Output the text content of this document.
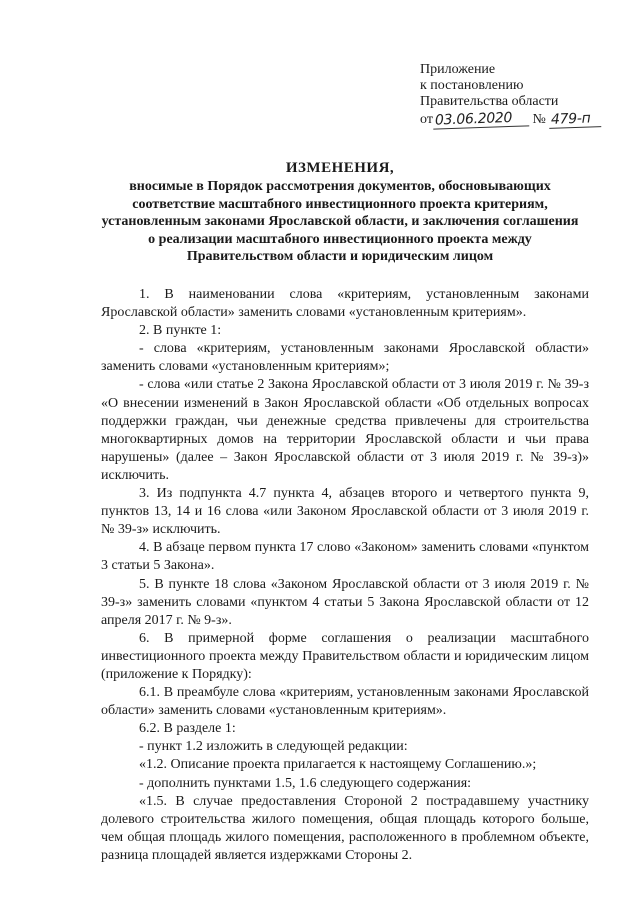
Приложение
к постановлению
Правительства области
от 03.06.2020 № 479-п
ИЗМЕНЕНИЯ,
вносимые в Порядок рассмотрения документов, обосновывающих соответствие масштабного инвестиционного проекта критериям, установленным законами Ярославской области, и заключения соглашения о реализации масштабного инвестиционного проекта между Правительством области и юридическим лицом

1. В наименовании слова «критериям, установленным законами Ярославской области» заменить словами «установленным критериям».

2. В пункте 1:

- слова «критериям, установленным законами Ярославской области» заменить словами «установленным критериям»;

- слова «или статье 2 Закона Ярославской области от 3 июля 2019 г. № 39-з «О внесении изменений в Закон Ярославской области «Об отдельных вопросах поддержки граждан, чьи денежные средства привлечены для строительства многоквартирных домов на территории Ярославской области и чьи права нарушены» (далее – Закон Ярославской области от 3 июля 2019 г. № 39-з)» исключить.

3. Из подпункта 4.7 пункта 4, абзацев второго и четвертого пункта 9, пунктов 13, 14 и 16 слова «или Законом Ярославской области от 3 июля 2019 г. № 39-з» исключить.

4. В абзаце первом пункта 17 слово «Законом» заменить словами «пунктом 3 статьи 5 Закона».

5. В пункте 18 слова «Законом Ярославской области от 3 июля 2019 г. № 39-з» заменить словами «пунктом 4 статьи 5 Закона Ярославской области от 12 апреля 2017 г. № 9-з».

6. В примерной форме соглашения о реализации масштабного инвестиционного проекта между Правительством области и юридическим лицом (приложение к Порядку):

6.1. В преамбуле слова «критериям, установленным законами Ярославской области» заменить словами «установленным критериям».

6.2. В разделе 1:

- пункт 1.2 изложить в следующей редакции:

«1.2. Описание проекта прилагается к настоящему Соглашению.»;

- дополнить пунктами 1.5, 1.6 следующего содержания:

«1.5. В случае предоставления Стороной 2 пострадавшему участнику долевого строительства жилого помещения, общая площадь которого больше, чем общая площадь жилого помещения, расположенного в проблемном объекте, разница площадей является издержками Стороны 2.
